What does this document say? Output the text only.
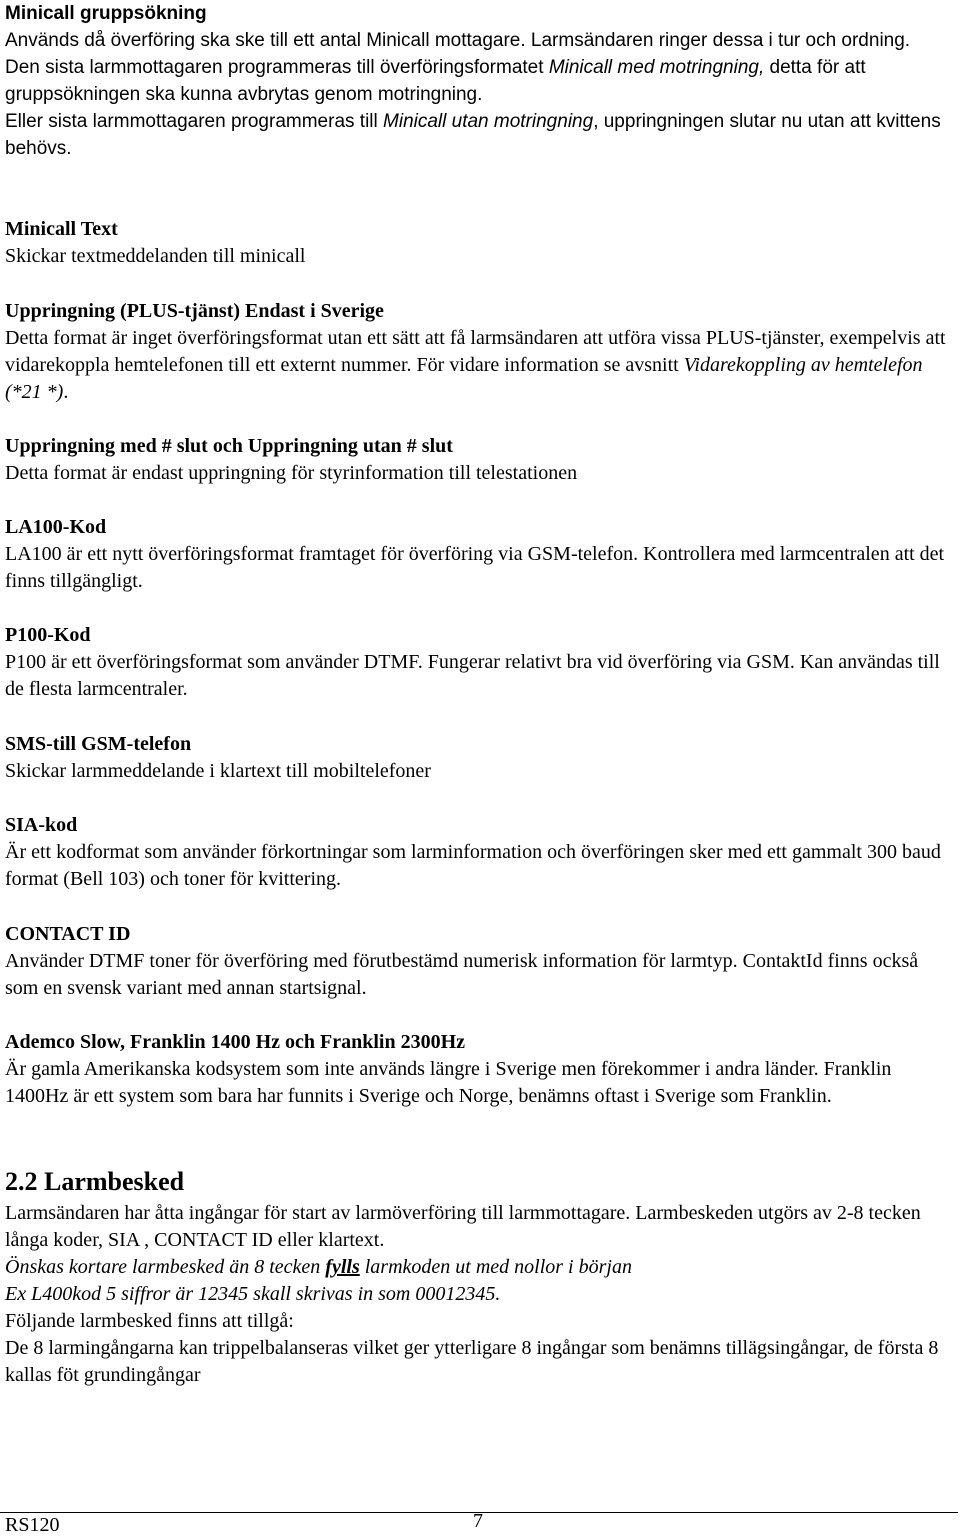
Minicall gruppsökning

Används då överföring ska ske till ett antal Minicall mottagare. Larmsändaren ringer dessa i tur och ordning.

Den sista larmmottagaren programmeras till överföringsformatet Minicall med motringning, detta för att gruppsökningen ska kunna avbrytas genom motringning.

Eller sista larmmottagaren programmeras till Minicall utan motringning, uppringningen slutar nu utan att kvittens behövs.

Minicall Text

Skickar textmeddelanden till minicall

Uppringning (PLUS-tjänst) Endast i Sverige

Detta format är inget överföringsformat utan ett sätt att få larmsändaren att utföra vissa PLUS-tjänster, exempelvis att vidarekoppla hemtelefonen till ett externt nummer. För vidare information se avsnitt Vidarekoppling av hemtelefon (*21 *).

Uppringning med # slut och Uppringning utan # slut

Detta format är endast uppringning för styrinformation till telestationen

LA100-Kod

LA100 är ett nytt överföringsformat framtaget för överföring via GSM-telefon. Kontrollera med larmcentralen att det finns tillgängligt.

P100-Kod

P100 är ett överföringsformat som använder DTMF. Fungerar relativt bra vid överföring via GSM. Kan användas till de flesta larmcentraler.

SMS-till GSM-telefon

Skickar larmmeddelande i klartext till mobiltelefoner

SIA-kod

Är ett kodformat som använder förkortningar som larminformation och överföringen sker med ett gammalt 300 baud format (Bell 103) och toner för kvittering.

CONTACT ID

Använder DTMF toner för överföring med förutbestämd numerisk information för larmtyp. ContaktId finns också som en svensk variant med annan startsignal.

Ademco Slow, Franklin 1400 Hz och Franklin 2300Hz

Är gamla Amerikanska kodsystem som inte används längre i Sverige men förekommer i andra länder. Franklin 1400Hz är ett system som bara har funnits i Sverige och Norge, benämns oftast i Sverige som Franklin.

2.2 Larmbesked

Larmsändaren har åtta ingångar för start av larmöverföring till larmmottagare. Larmbeskeden utgörs av 2-8 tecken långa koder, SIA , CONTACT ID eller klartext.

Önskas kortare larmbesked än 8 tecken fylls larmkoden ut med nollor i början

Ex L400kod 5 siffror är 12345 skall skrivas in som 00012345.

Följande larmbesked finns att tillgå:

De 8 larmingångarna kan trippelbalanseras vilket ger ytterligare 8 ingångar som benämns tillägsingångar, de första 8 kallas föt grundingångar

RS120	7
